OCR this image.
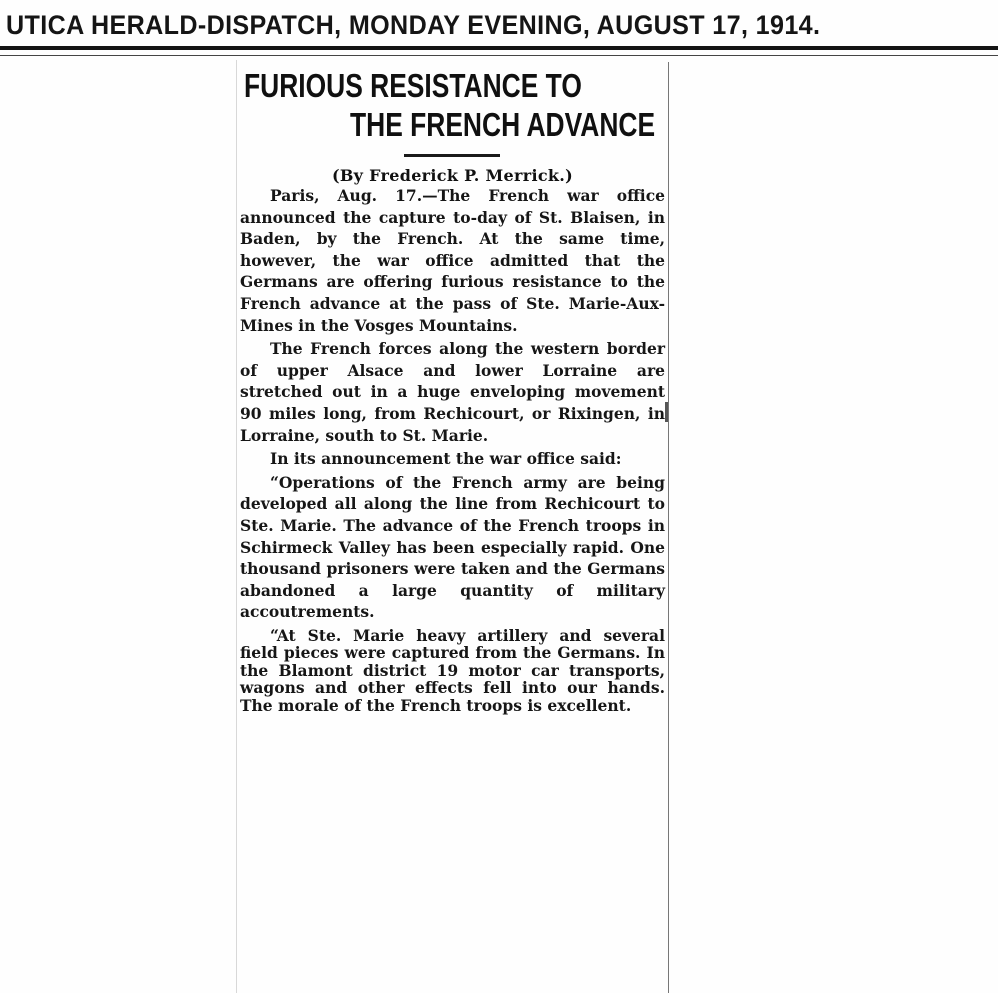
UTICA HERALD-DISPATCH, MONDAY EVENING, AUGUST 17, 1914.
FURIOUS RESISTANCE TO
THE FRENCH ADVANCE
(By Frederick P. Merrick.)

Paris, Aug. 17.—The French war office announced the capture to-day of St. Blaisen, in Baden, by the French. At the same time, however, the war office admitted that the Germans are offering furious resistance to the French advance at the pass of Ste. Marie-Aux-Mines in the Vosges Mountains.

The French forces along the western border of upper Alsace and lower Lorraine are stretched out in a huge enveloping movement 90 miles long, from Rechicourt, or Rixingen, in Lorraine, south to St. Marie.

In its announcement the war office said:

“Operations of the French army are being developed all along the line from Rechicourt to Ste. Marie. The advance of the French troops in Schirmeck Valley has been especially rapid. One thousand prisoners were taken and the Germans abandoned a large quantity of military accoutrements.

“At Ste. Marie heavy artillery and several field pieces were captured from the Germans. In the Blamont district 19 motor car transports, wagons and other effects fell into our hands. The morale of the French troops is excellent.
